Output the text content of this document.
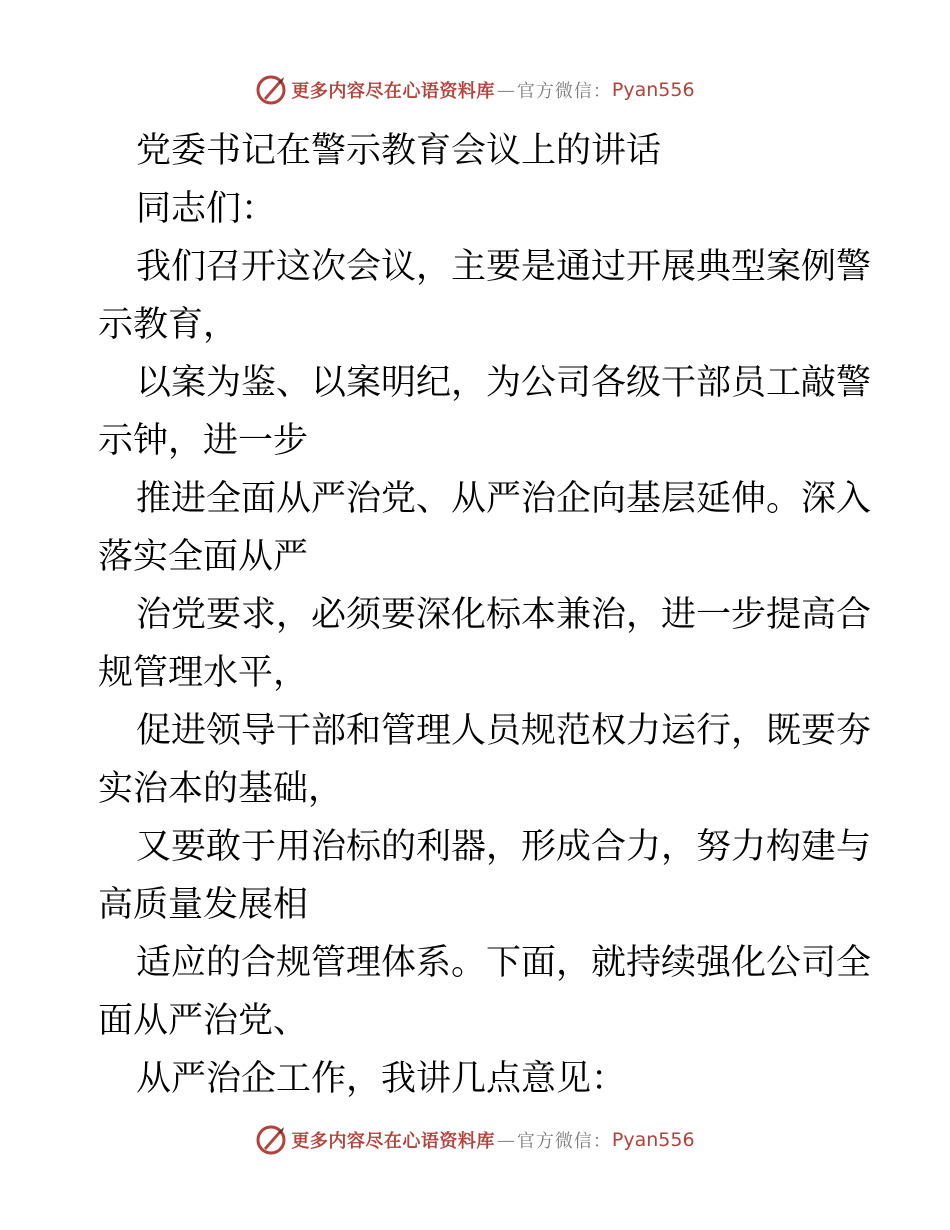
更多内容尽在心语资料库 — 官方微信： Pyan556
党委书记在警示教育会议上的讲话
同志们：
我们召开这次会议，主要是通过开展典型案例警
示教育，
以案为鉴、以案明纪，为公司各级干部员工敲警
示钟，进一步
推进全面从严治党、从严治企向基层延伸。深入
落实全面从严
治党要求，必须要深化标本兼治，进一步提高合
规管理水平，
促进领导干部和管理人员规范权力运行，既要夯
实治本的基础，
又要敢于用治标的利器，形成合力，努力构建与
高质量发展相
适应的合规管理体系。下面，就持续强化公司全
面从严治党、
从严治企工作，我讲几点意见：
更多内容尽在心语资料库 — 官方微信： Pyan556
